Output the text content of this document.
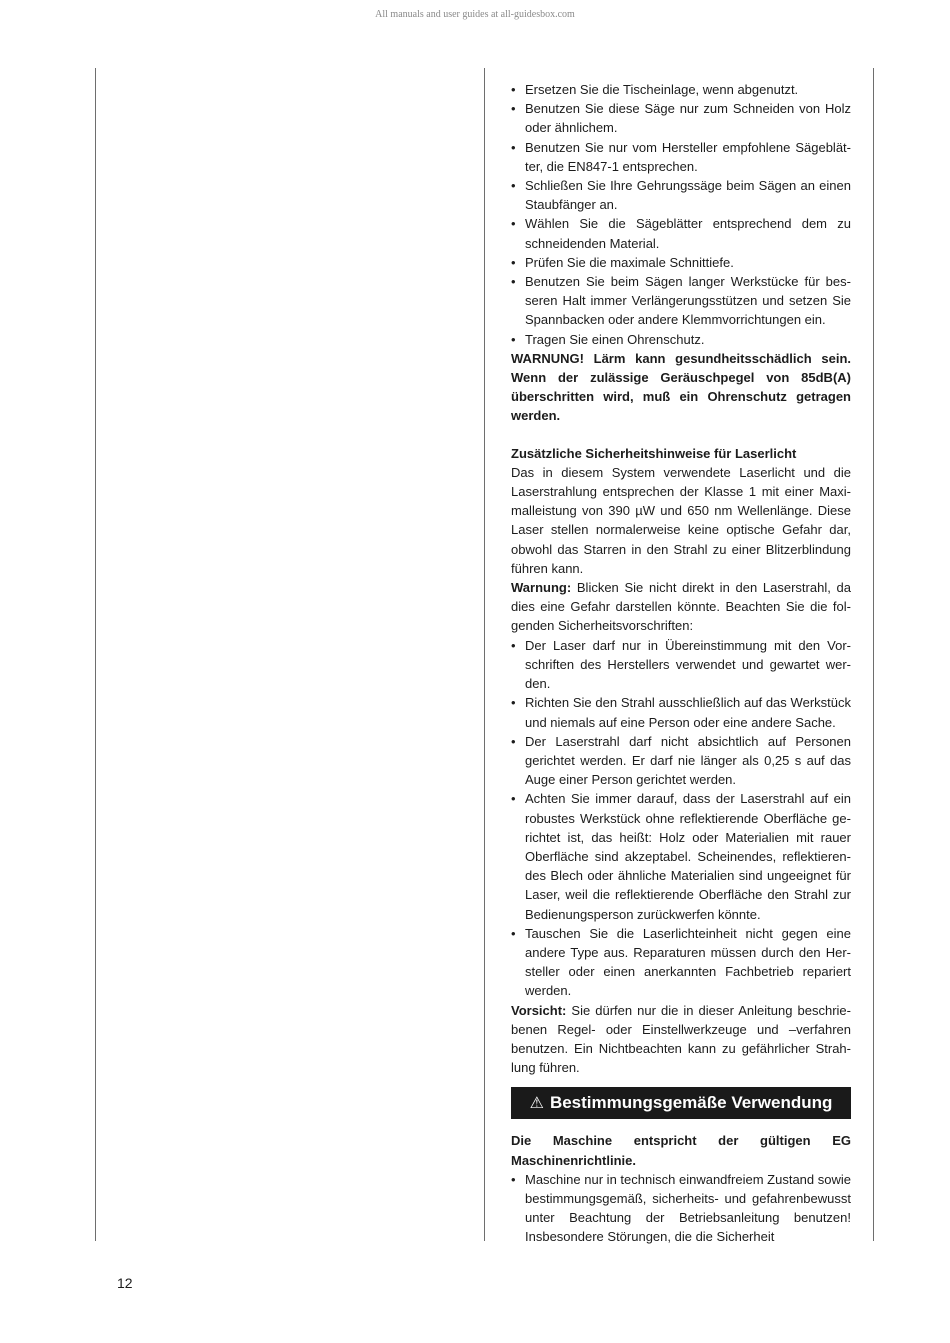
All manuals and user guides at all-guidesbox.com
• Ersetzen Sie die Tischeinlage, wenn abgenutzt.
• Benutzen Sie diese Säge nur zum Schneiden von Holz oder ähnlichem.
• Benutzen Sie nur vom Hersteller empfohlene Sägeblätter, die EN847-1 entsprechen.
• Schließen Sie Ihre Gehrungssäge beim Sägen an einen Staubfänger an.
• Wählen Sie die Sägeblätter entsprechend dem zu schneidenden Material.
• Prüfen Sie die maximale Schnittiefe.
• Benutzen Sie beim Sägen langer Werkstücke für besseren Halt immer Verlängerungsstützen und setzen Sie Spannbacken oder andere Klemmvorrichtungen ein.
• Tragen Sie einen Ohrenschutz.

WARNUNG! Lärm kann gesundheitsschädlich sein. Wenn der zulässige Geräuschpegel von 85dB(A) überschritten wird, muß ein Ohrenschutz getragen werden.

Zusätzliche Sicherheitshinweise für Laserlicht

Das in diesem System verwendete Laserlicht und die Laserstrahlung entsprechen der Klasse 1 mit einer Maximalleistung von 390 µW und 650 nm Wellenlänge. Diese Laser stellen normalerweise keine optische Gefahr dar, obwohl das Starren in den Strahl zu einer Blitzerblindung führen kann.

Warnung: Blicken Sie nicht direkt in den Laserstrahl, da dies eine Gefahr darstellen könnte. Beachten Sie die folgenden Sicherheitsvorschriften:

• Der Laser darf nur in Übereinstimmung mit den Vorschriften des Herstellers verwendet und gewartet werden.
• Richten Sie den Strahl ausschließlich auf das Werkstück und niemals auf eine Person oder eine andere Sache.
• Der Laserstrahl darf nicht absichtlich auf Personen gerichtet werden. Er darf nie länger als 0,25 s auf das Auge einer Person gerichtet werden.
• Achten Sie immer darauf, dass der Laserstrahl auf ein robustes Werkstück ohne reflektierende Oberfläche gerichtet ist, das heißt: Holz oder Materialien mit rauer Oberfläche sind akzeptabel. Scheinendes, reflektierendes Blech oder ähnliche Materialien sind ungeeignet für Laser, weil die reflektierende Oberfläche den Strahl zur Bedienungsperson zurückwerfen könnte.
• Tauschen Sie die Laserlichteinheit nicht gegen eine andere Type aus. Reparaturen müssen durch den Hersteller oder einen anerkannten Fachbetrieb repariert werden.

Vorsicht: Sie dürfen nur die in dieser Anleitung beschriebenen Regel- oder Einstellwerkzeuge und –verfahren benutzen. Ein Nichtbeachten kann zu gefährlicher Strahlung führen.

⚠ Bestimmungsgemäße Verwendung

Die Maschine entspricht der gültigen EG Maschinenrichtlinie.

• Maschine nur in technisch einwandfreiem Zustand sowie bestimmungsgemäß, sicherheits- und gefahrenbewusst unter Beachtung der Betriebsanleitung benutzen! Insbesondere Störungen, die die Sicherheit
12
